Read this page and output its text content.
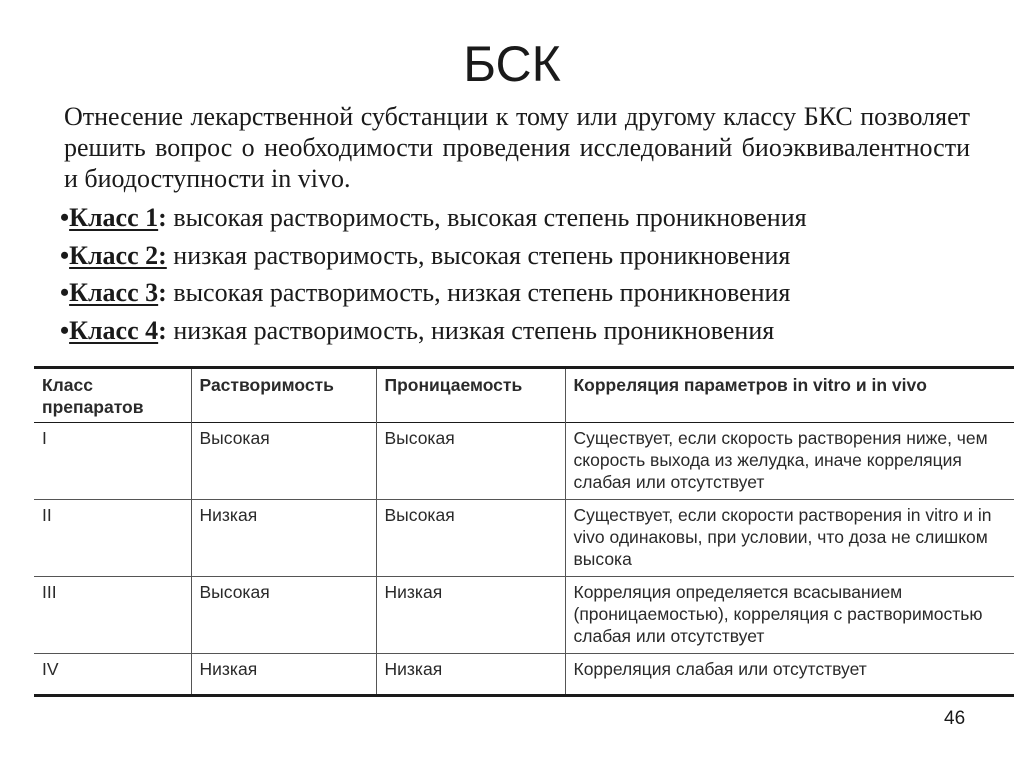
БСК
Отнесение лекарственной субстанции к тому или другому классу БКС позволяет решить вопрос о необходимости проведения исследований биоэквивалентности и биодоступности in vivo.
•Класс 1: высокая растворимость, высокая степень проникновения
•Класс 2: низкая растворимость, высокая степень проникновения
•Класс 3: высокая растворимость, низкая степень проникновения
•Класс 4: низкая растворимость, низкая степень проникновения
Класс препаратов	Растворимость	Проницаемость	Корреляция параметров in vitro и in vivo
I	Высокая	Высокая	Существует, если скорость растворения ниже, чем скорость выхода из желудка, иначе корреляция слабая или отсутствует
II	Низкая	Высокая	Существует, если скорости растворения in vitro и in vivo одинаковы, при условии, что доза не слишком высока
III	Высокая	Низкая	Корреляция определяется всасыванием (проницаемостью), корреляция с растворимостью слабая или отсутствует
IV	Низкая	Низкая	Корреляция слабая или отсутствует
46
